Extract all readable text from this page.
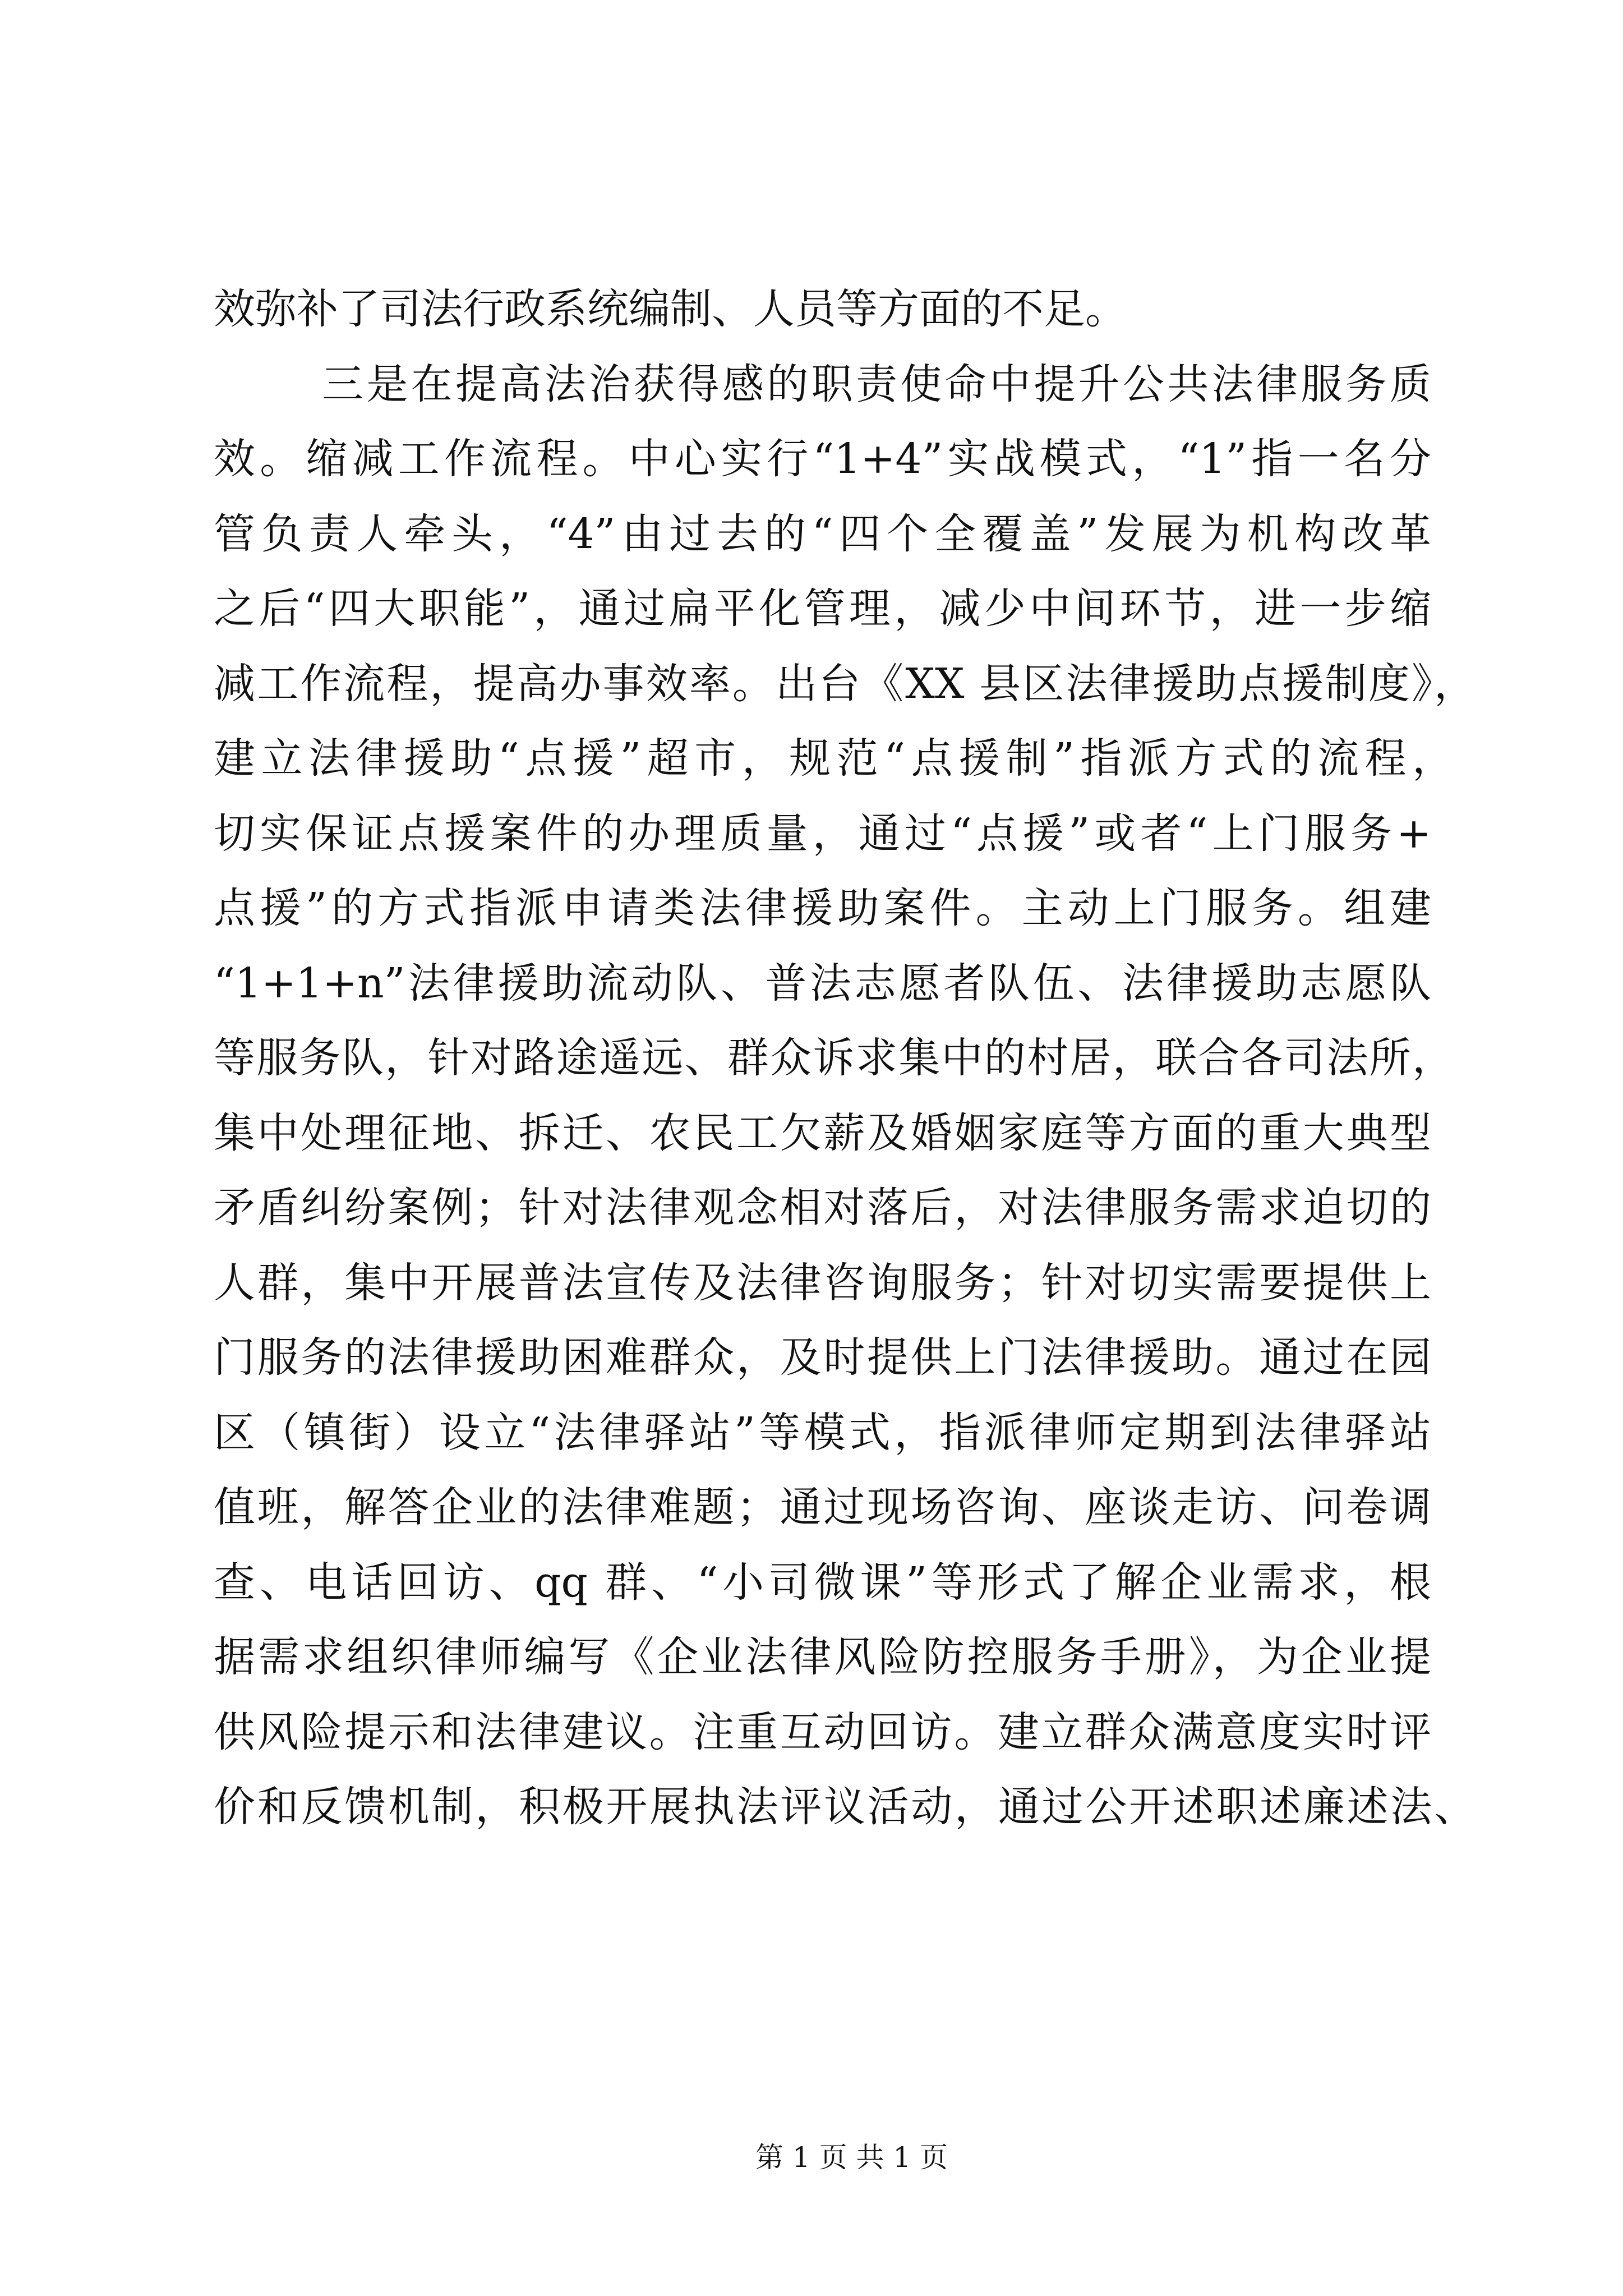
效弥补了司法行政系统编制、人员等方面的不足。
三是在提高法治获得感的职责使命中提升公共法律服务质
效。缩减工作流程。中心实行“1+4”实战模式，“1”指一名分
管负责人牵头，“4”由过去的“四个全覆盖”发展为机构改革
之后“四大职能”，通过扁平化管理，减少中间环节，进一步缩
减工作流程，提高办事效率。出台《XX 县区法律援助点援制度》，
建立法律援助“点援”超市，规范“点援制”指派方式的流程，
切实保证点援案件的办理质量，通过“点援”或者“上门服务+
点援”的方式指派申请类法律援助案件。主动上门服务。组建
“1+1+n”法律援助流动队、普法志愿者队伍、法律援助志愿队
等服务队，针对路途遥远、群众诉求集中的村居，联合各司法所，
集中处理征地、拆迁、农民工欠薪及婚姻家庭等方面的重大典型
矛盾纠纷案例；针对法律观念相对落后，对法律服务需求迫切的
人群，集中开展普法宣传及法律咨询服务；针对切实需要提供上
门服务的法律援助困难群众，及时提供上门法律援助。通过在园
区（镇街）设立“法律驿站”等模式，指派律师定期到法律驿站
值班，解答企业的法律难题；通过现场咨询、座谈走访、问卷调
查、电话回访、qq 群、“小司微课”等形式了解企业需求，根
据需求组织律师编写《企业法律风险防控服务手册》，为企业提
供风险提示和法律建议。注重互动回访。建立群众满意度实时评
价和反馈机制，积极开展执法评议活动，通过公开述职述廉述法、
第 1 页 共 1 页
